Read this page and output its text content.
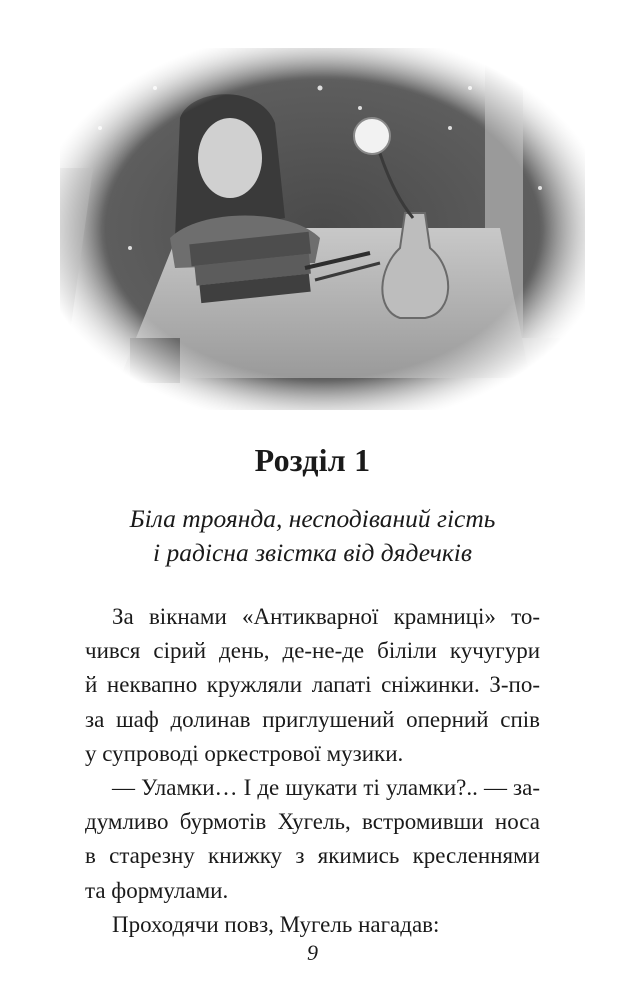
Розділ 1
Біла троянда, несподіваний гість
і радісна звістка від дядечків

За вікнами «Антикварної крамниці» то-
чився сірий день, де-не-де біліли кучугури
й неквапно кружляли лапаті сніжинки. З-по-
за шаф долинав приглушений оперний спів
у супроводі оркестрової музики.

— Уламки… І де шукати ті уламки?.. — за-
думливо бурмотів Хугель, встромивши носа
в старезну книжку з якимись кресленнями
та формулами.

Проходячи повз, Мугель нагадав:

9
